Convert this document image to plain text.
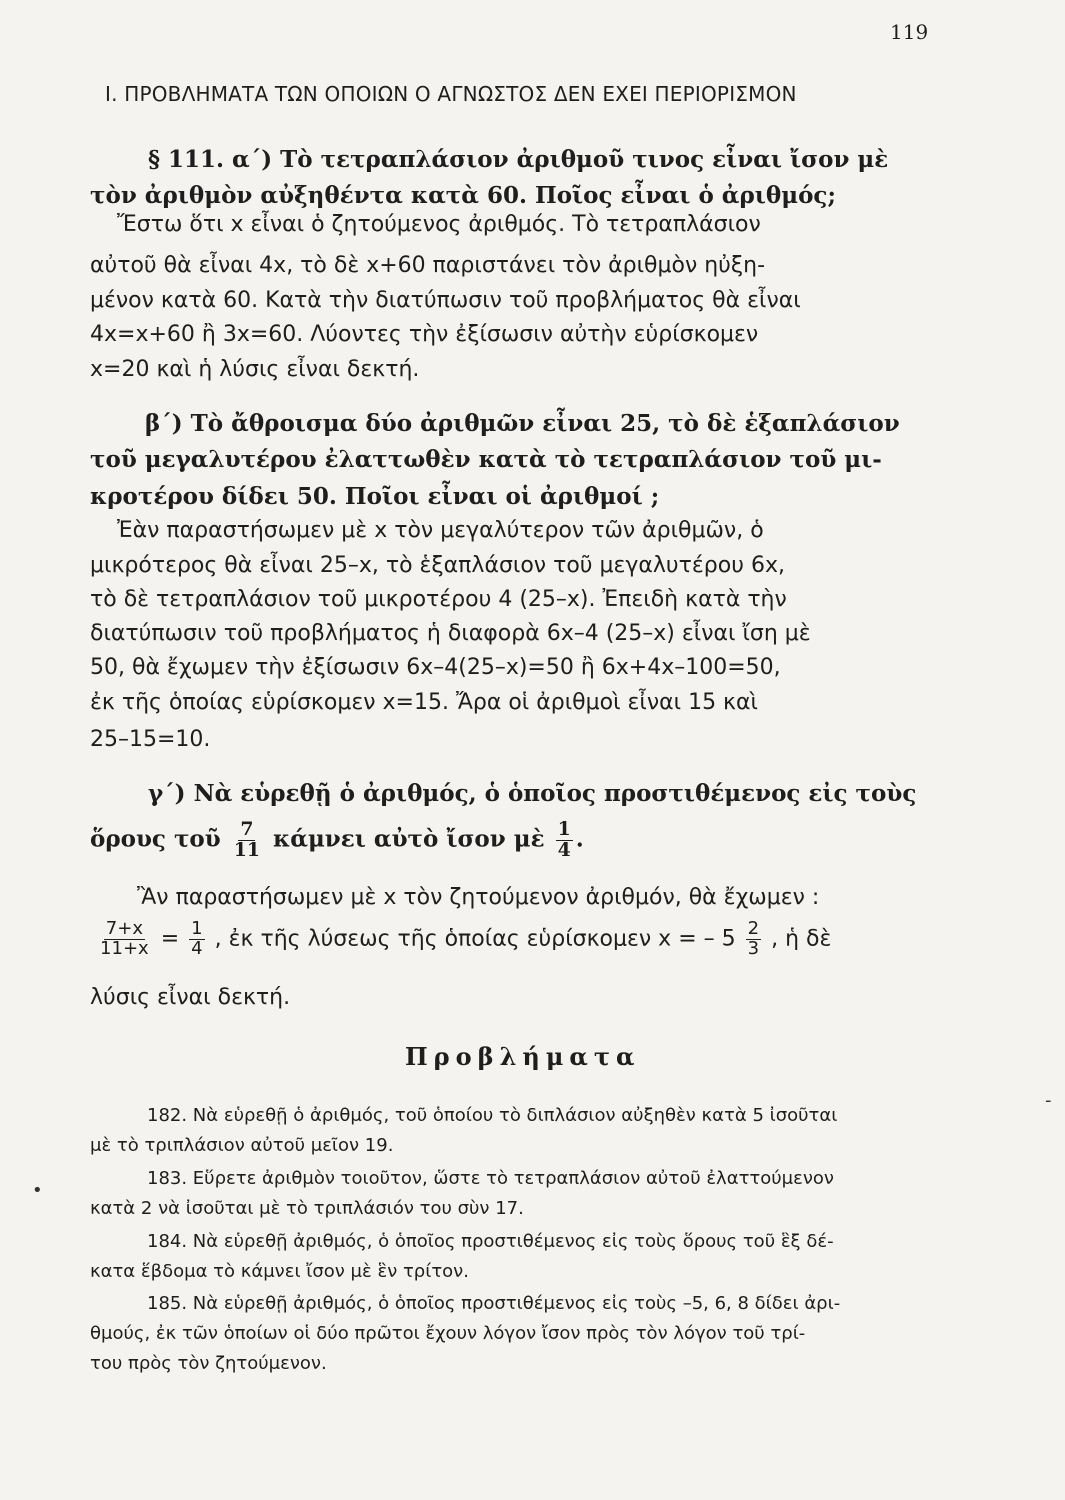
119
Ι. ΠΡΟΒΛΗΜΑΤΑ ΤΩΝ ΟΠΟΙΩΝ Ο ΑΓΝΩΣΤΟΣ ΔΕΝ ΕΧΕΙ ΠΕΡΙΟΡΙΣΜΟΝ
§ 111. α΄) Τὸ τετραπλάσιον ἀριθμοῦ τινος εἶναι ἴσον μὲ
τὸν ἀριθμὸν αὐξηθέντα κατὰ 60. Ποῖος εἶναι ὁ ἀριθμός;
Ἔστω ὅτι x εἶναι ὁ ζητούμενος ἀριθμός. Τὸ τετραπλάσιον
αὐτοῦ θὰ εἶναι 4x, τὸ δὲ x+60 παριστάνει τὸν ἀριθμὸν ηὐξη-
μένον κατὰ 60. Κατὰ τὴν διατύπωσιν τοῦ προβλήματος θὰ εἶναι
4x=x+60 ἢ 3x=60. Λύοντες τὴν ἐξίσωσιν αὐτὴν εὑρίσκομεν
x=20 καὶ ἡ λύσις εἶναι δεκτή.
β΄) Τὸ ἄθροισμα δύο ἀριθμῶν εἶναι 25, τὸ δὲ ἑξαπλάσιον
τοῦ μεγαλυτέρου ἐλαττωθὲν κατὰ τὸ τετραπλάσιον τοῦ μι-
κροτέρου δίδει 50. Ποῖοι εἶναι οἱ ἀριθμοί ;
Ἐὰν παραστήσωμεν μὲ x τὸν μεγαλύτερον τῶν ἀριθμῶν, ὁ
μικρότερος θὰ εἶναι 25–x, τὸ ἑξαπλάσιον τοῦ μεγαλυτέρου 6x,
τὸ δὲ τετραπλάσιον τοῦ μικροτέρου 4 (25–x). Ἐπειδὴ κατὰ τὴν
διατύπωσιν τοῦ προβλήματος ἡ διαφορὰ 6x–4 (25–x) εἶναι ἴση μὲ
50, θὰ ἔχωμεν τὴν ἐξίσωσιν 6x–4(25–x)=50 ἢ 6x+4x–100=50,
ἐκ τῆς ὁποίας εὑρίσκομεν x=15. Ἄρα οἱ ἀριθμοὶ εἶναι 15 καὶ
25–15=10.
γ΄) Νὰ εὑρεθῇ ὁ ἀριθμός, ὁ ὁποῖος προστιθέμενος εἰς τοὺς
ὅρους τοῦ $\frac{7}{11}$ κάμνει αὐτὸ ἴσον μὲ $\frac{1}{4}$ .
Ἂν παραστήσωμεν μὲ x τὸν ζητούμενον ἀριθμόν, θὰ ἔχωμεν :
$\frac{7+x}{11+x} = \frac{1}{4}$ , ἐκ τῆς λύσεως τῆς ὁποίας εὑρίσκομεν x = – $5 \frac{2}{3}$ , ἡ δὲ
λύσις εἶναι δεκτή.
Προβλήματα
182. Νὰ εὑρεθῇ ὁ ἀριθμός, τοῦ ὁποίου τὸ διπλάσιον αὐξηθὲν κατὰ 5 ἰσοῦται
μὲ τὸ τριπλάσιον αὐτοῦ μεῖον 19.
183. Εὕρετε ἀριθμὸν τοιοῦτον, ὥστε τὸ τετραπλάσιον αὐτοῦ ἐλαττούμενον
κατὰ 2 νὰ ἰσοῦται μὲ τὸ τριπλάσιόν του σὺν 17.
184. Νὰ εὑρεθῇ ἀριθμός, ὁ ὁποῖος προστιθέμενος εἰς τοὺς ὅρους τοῦ ἓξ δέ-
κατα ἕβδομα τὸ κάμνει ἴσον μὲ ἓν τρίτον.
185. Νὰ εὑρεθῇ ἀριθμός, ὁ ὁποῖος προστιθέμενος εἰς τοὺς –5, 6, 8 δίδει ἀρι-
θμούς, ἐκ τῶν ὁποίων οἱ δύο πρῶτοι ἔχουν λόγον ἴσον πρὸς τὸν λόγον τοῦ τρί-
του πρὸς τὸν ζητούμενον.
-
•
